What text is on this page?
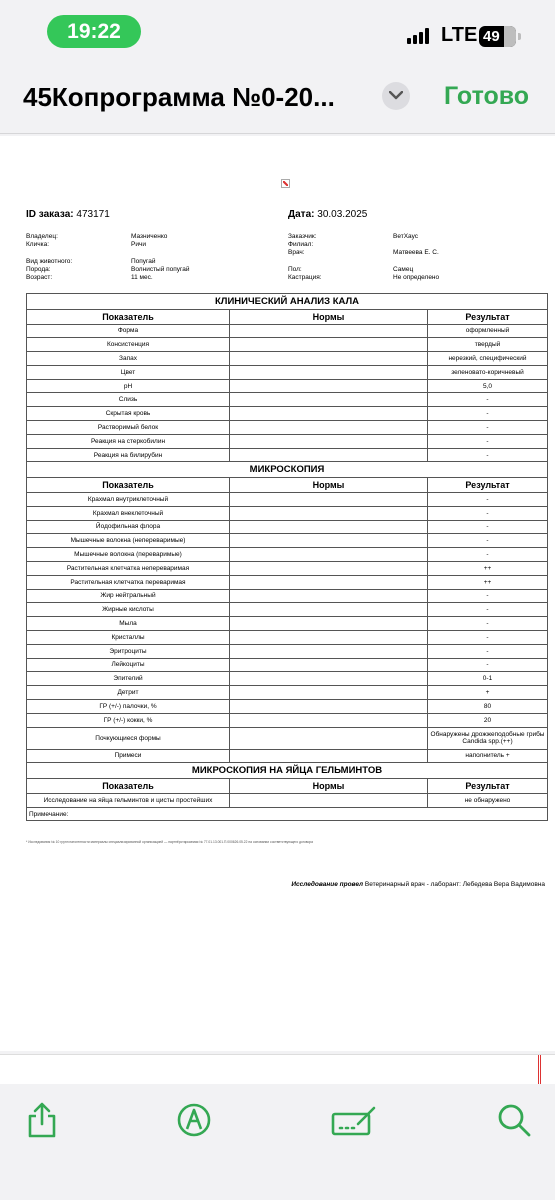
19:22	LTE 49
45Копрограмма №0-20...	Готово
ID заказа: 473171	Дата: 30.03.2025
Владелец:	Мазниченко
Кличка:	Ричи
Вид животного:	Попугай
Порода:	Волнистый попугай
Возраст:	11 мес.
Заказчик:	ВетХаус
Филиал:
Врач:	Матвеева Е. С.
Пол:	Самец
Кастрация:	Не определено
КЛИНИЧЕСКИЙ АНАЛИЗ КАЛА		
Показатель	Нормы	Результат
Форма		оформленный
Консистенция		твердый
Запах		нерезкий, специфический
Цвет		зеленовато-коричневый
pH		5,0
Слизь		-
Скрытая кровь		-
Растворимый белок		-
Реакция на стеркобилин		-
Реакция на билирубин		-
МИКРОСКОПИЯ		
Показатель	Нормы	Результат
Крахмал внутриклеточный		-
Крахмал внеклеточный		-
Йодофильная флора		-
Мышечные волокна (непереваримые)		-
Мышечные волокна (переваримые)		-
Растительная клетчатка непереваримая		++
Растительная клетчатка переваримая		++
Жир нейтральный		-
Жирные кислоты		-
Мыла		-
Кристаллы		-
Эритроциты		-
Лейкоциты		-
Эпителий		0-1
Детрит		+
ГР (+/-) палочки, %		80
ГР (+/-) кокки, %		20
Почкующиеся формы		Обнаружены дрожжеподобные грибы Candida spp.(++)
Примеси		наполнитель +
МИКРОСКОПИЯ НА ЯЙЦА ГЕЛЬМИНТОВ		
Показатель	Нормы	Результат
Исследование на яйца гельминтов и цисты простейших		не обнаружено
Примечание:		
* Исследования № 10 групп патогенности материалы специализированной организацией — партнёрстаркаемая № 77.01.13.001.П.000626.05.22 на основании соответствующего договора
Исследование провел Ветеринарный врач - лаборант: Лебедева Вера Вадимовна
